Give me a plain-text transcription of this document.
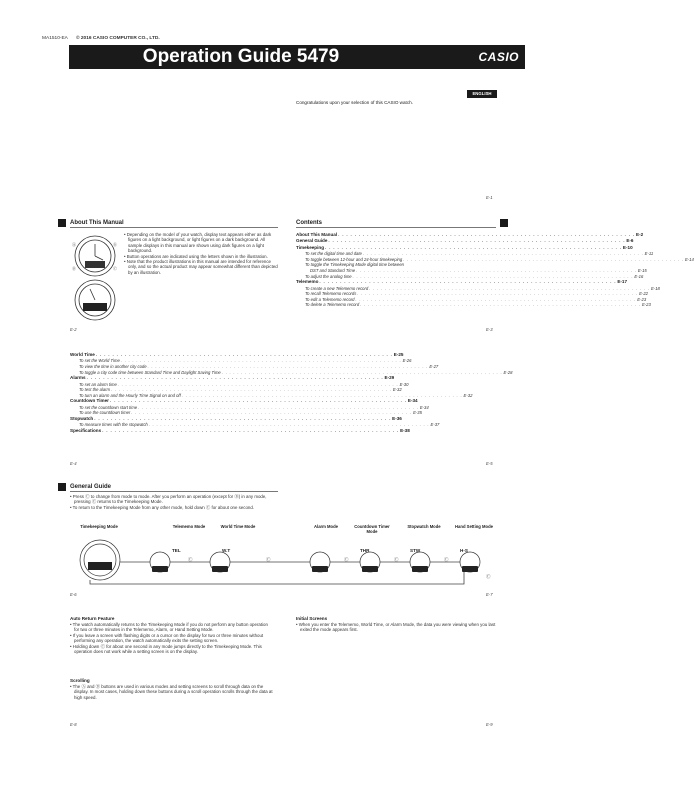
MA1510-EA © 2016 CASIO COMPUTER CO., LTD.
Operation Guide 5479	CASIO
ENGLISH
Congratulations upon your selection of this CASIO watch.
E-1
About This Manual
Ⓐ	Ⓓ
Ⓑ	Ⓒ
• Depending on the model of your watch, display text appears either as dark figures on a light background, or light figures on a dark background. All sample displays in this manual are shown using dark figures on a light background.
• Button operations are indicated using the letters shown in the illustration.
• Note that the product illustrations in this manual are intended for reference only, and so the actual product may appear somewhat different than depicted by an illustration.
E-2
Contents
About This Manual . . . . . . . . . . . . . . . . . . . . . . . . . . . . . . . . . . . . . . . . . . . . . . . . . . . . . . . . . . . . . . . . . . . . . . . . E-2
General Guide . . . . . . . . . . . . . . . . . . . . . . . . . . . . . . . . . . . . . . . . . . . . . . . . . . . . . . . . . . . . . . . . . . . . . . . . E-6
Timekeeping . . . . . . . . . . . . . . . . . . . . . . . . . . . . . . . . . . . . . . . . . . . . . . . . . . . . . . . . . . . . . . . . . . . . . . . . E-10
To set the digital time and date . . . . . . . . . . . . . . . . . . . . . . . . . . . . . . . . . . . . . . . . . . . . . . . . . . . . . . . . . . . . . . . . . . . . . . . . E-11
To toggle between 12-hour and 24-hour timekeeping . . . . . . . . . . . . . . . . . . . . . . . . . . . . . . . . . . . . . . . . . . . . . . . . . . . . . . . . . . . . . . . . . . . . . . . . E-14
To toggle the Timekeeping Mode digital time between
DST and Standard Time . . . . . . . . . . . . . . . . . . . . . . . . . . . . . . . . . . . . . . . . . . . . . . . . . . . . . . . . . . . . . . . . . . . . . . . . E-15
To adjust the analog time . . . . . . . . . . . . . . . . . . . . . . . . . . . . . . . . . . . . . . . . . . . . . . . . . . . . . . . . . . . . . . . . . . . . . . . . E-16
Telememo . . . . . . . . . . . . . . . . . . . . . . . . . . . . . . . . . . . . . . . . . . . . . . . . . . . . . . . . . . . . . . . . . . . . . . . . E-17
To create a new Telememo record . . . . . . . . . . . . . . . . . . . . . . . . . . . . . . . . . . . . . . . . . . . . . . . . . . . . . . . . . . . . . . . . . . . . . . . . E-18
To recall Telememo records . . . . . . . . . . . . . . . . . . . . . . . . . . . . . . . . . . . . . . . . . . . . . . . . . . . . . . . . . . . . . . . . . . . . . . . . E-22
To edit a Telememo record . . . . . . . . . . . . . . . . . . . . . . . . . . . . . . . . . . . . . . . . . . . . . . . . . . . . . . . . . . . . . . . . . . . . . . . . E-23
To delete a Telememo record . . . . . . . . . . . . . . . . . . . . . . . . . . . . . . . . . . . . . . . . . . . . . . . . . . . . . . . . . . . . . . . . . . . . . . . . E-23
E-3
World Time . . . . . . . . . . . . . . . . . . . . . . . . . . . . . . . . . . . . . . . . . . . . . . . . . . . . . . . . . . . . . . . . . . . . . . . . E-25
To set the World Time . . . . . . . . . . . . . . . . . . . . . . . . . . . . . . . . . . . . . . . . . . . . . . . . . . . . . . . . . . . . . . . . . . . . . . . . E-26
To view the time in another city code . . . . . . . . . . . . . . . . . . . . . . . . . . . . . . . . . . . . . . . . . . . . . . . . . . . . . . . . . . . . . . . . . . . . . . . . E-27
To toggle a city code time between Standard Time and Daylight Saving Time . . . . . . . . . . . . . . . . . . . . . . . . . . . . . . . . . . . . . . . . . . . . . . . . . . . . . . . . . . . . . . . . . . . . . . . . E-28
Alarms . . . . . . . . . . . . . . . . . . . . . . . . . . . . . . . . . . . . . . . . . . . . . . . . . . . . . . . . . . . . . . . . . . . . . . . . E-29
To set an alarm time . . . . . . . . . . . . . . . . . . . . . . . . . . . . . . . . . . . . . . . . . . . . . . . . . . . . . . . . . . . . . . . . . . . . . . . . E-30
To test the alarm . . . . . . . . . . . . . . . . . . . . . . . . . . . . . . . . . . . . . . . . . . . . . . . . . . . . . . . . . . . . . . . . . . . . . . . . E-32
To turn an alarm and the Hourly Time Signal on and off . . . . . . . . . . . . . . . . . . . . . . . . . . . . . . . . . . . . . . . . . . . . . . . . . . . . . . . . . . . . . . . . . . . . . . . . E-32
Countdown Timer . . . . . . . . . . . . . . . . . . . . . . . . . . . . . . . . . . . . . . . . . . . . . . . . . . . . . . . . . . . . . . . . . . . . . . . . E-34
To set the countdown start time . . . . . . . . . . . . . . . . . . . . . . . . . . . . . . . . . . . . . . . . . . . . . . . . . . . . . . . . . . . . . . . . . . . . . . . . E-34
To use the countdown timer . . . . . . . . . . . . . . . . . . . . . . . . . . . . . . . . . . . . . . . . . . . . . . . . . . . . . . . . . . . . . . . . . . . . . . . . E-35
Stopwatch . . . . . . . . . . . . . . . . . . . . . . . . . . . . . . . . . . . . . . . . . . . . . . . . . . . . . . . . . . . . . . . . . . . . . . . . E-36
To measure times with the stopwatch . . . . . . . . . . . . . . . . . . . . . . . . . . . . . . . . . . . . . . . . . . . . . . . . . . . . . . . . . . . . . . . . . . . . . . . . E-37
Specifications . . . . . . . . . . . . . . . . . . . . . . . . . . . . . . . . . . . . . . . . . . . . . . . . . . . . . . . . . . . . . . . . . . . . . . . . E-38
E-4	E-5
General Guide
• Press Ⓒ to change from mode to mode. After you perform an operation (except for Ⓑ) in any mode, pressing Ⓒ returns to the Timekeeping Mode.
• To return to the Timekeeping Mode from any other mode, hold down Ⓒ for about one second.
Timekeeping Mode	Telememo Mode	World Time Mode	Alarm Mode	Countdown Timer Mode
Stopwatch Mode	Hand Setting Mode
Ⓒ	Ⓒ	Ⓒ	Ⓒ	Ⓒ
Ⓒ
TEL	W.T	THR	STW	H-S
E-6	E-7
Auto Return Feature
• The watch automatically returns to the Timekeeping Mode if you do not perform any button operation for two or three minutes in the Telememo, Alarm, or Hand Setting Mode.
• If you leave a screen with flashing digits or a cursor on the display for two or three minutes without performing any operation, the watch automatically exits the setting screen.
• Holding down Ⓒ for about one second in any mode jumps directly to the Timekeeping Mode. This operation does not work while a setting screen is on the display.
Scrolling
• The Ⓐ and Ⓓ buttons are used in various modes and setting screens to scroll through data on the display. In most cases, holding down these buttons during a scroll operation scrolls through the data at high speed.
E-8
Initial Screens
• When you enter the Telememo, World Time, or Alarm Mode, the data you were viewing when you last exited the mode appears first.
E-9
